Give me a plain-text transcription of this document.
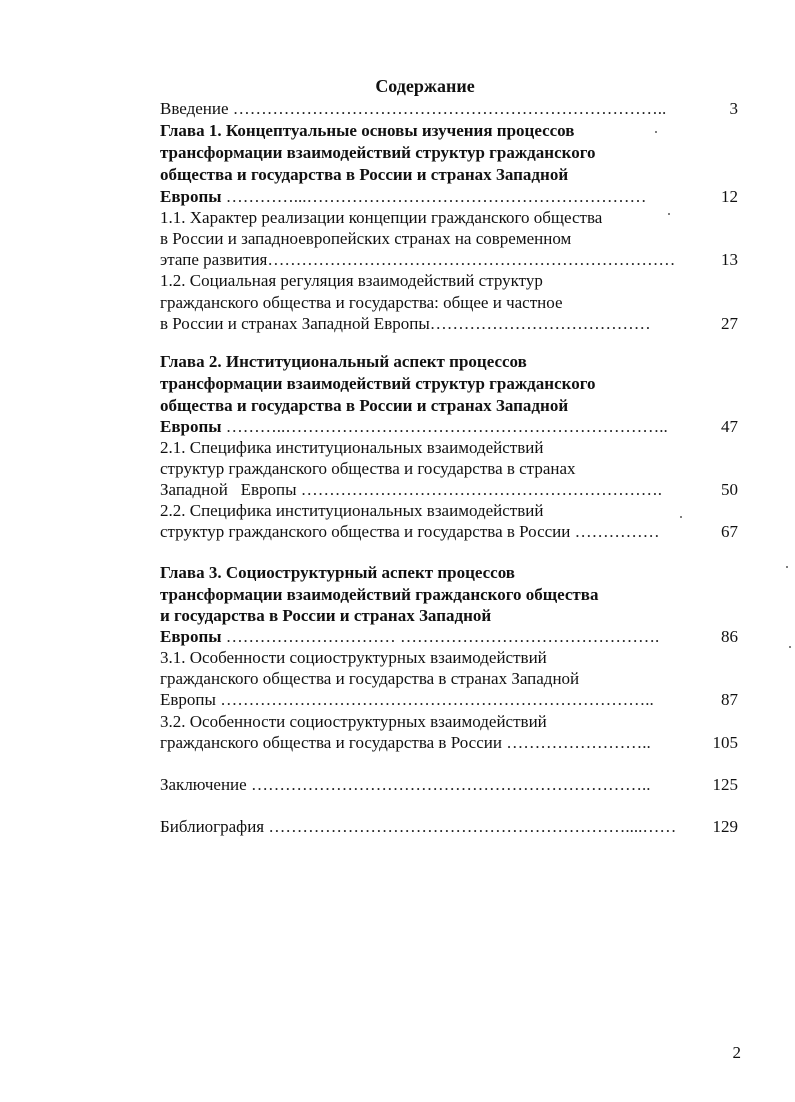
Содержание
Введение …………………………………………………………………..	3
Глава 1. Концептуальные основы изучения процессов
трансформации взаимодействий структур гражданского
общества и государства в России и странах Западной
Европы …………...……………………………………………………	12
1.1. Характер реализации концепции гражданского общества
в России и западноевропейских странах на современном
этапе развития………………………………………………………………	13
1.2. Социальная регуляция взаимодействий структур
гражданского общества и государства: общее и частное
в России и странах Западной Европы…………………………………	27
Глава 2. Институциональный аспект процессов
трансформации взаимодействий структур гражданского
общества и государства в России и странах Западной
Европы ………..…………………………………………………………..	47
2.1. Специфика институциональных взаимодействий
структур гражданского общества и государства в странах
Западной   Европы ……………………………………………………….	50
2.2. Специфика институциональных взаимодействий
структур гражданского общества и государства в России ……………	67
Глава 3. Социоструктурный аспект процессов
трансформации взаимодействий гражданского общества
и государства в России и странах Западной
Европы ………………………… ……………………………………….	86
3.1. Особенности социоструктурных взаимодействий
гражданского общества и государства в странах Западной
Европы …………………………………………………………………..	87
3.2. Особенности социоструктурных взаимодействий
гражданского общества и государства в России ……………………..	105
Заключение ……………………………………………………………..	125
Библиография ………………………………………………………....…… 129
2
